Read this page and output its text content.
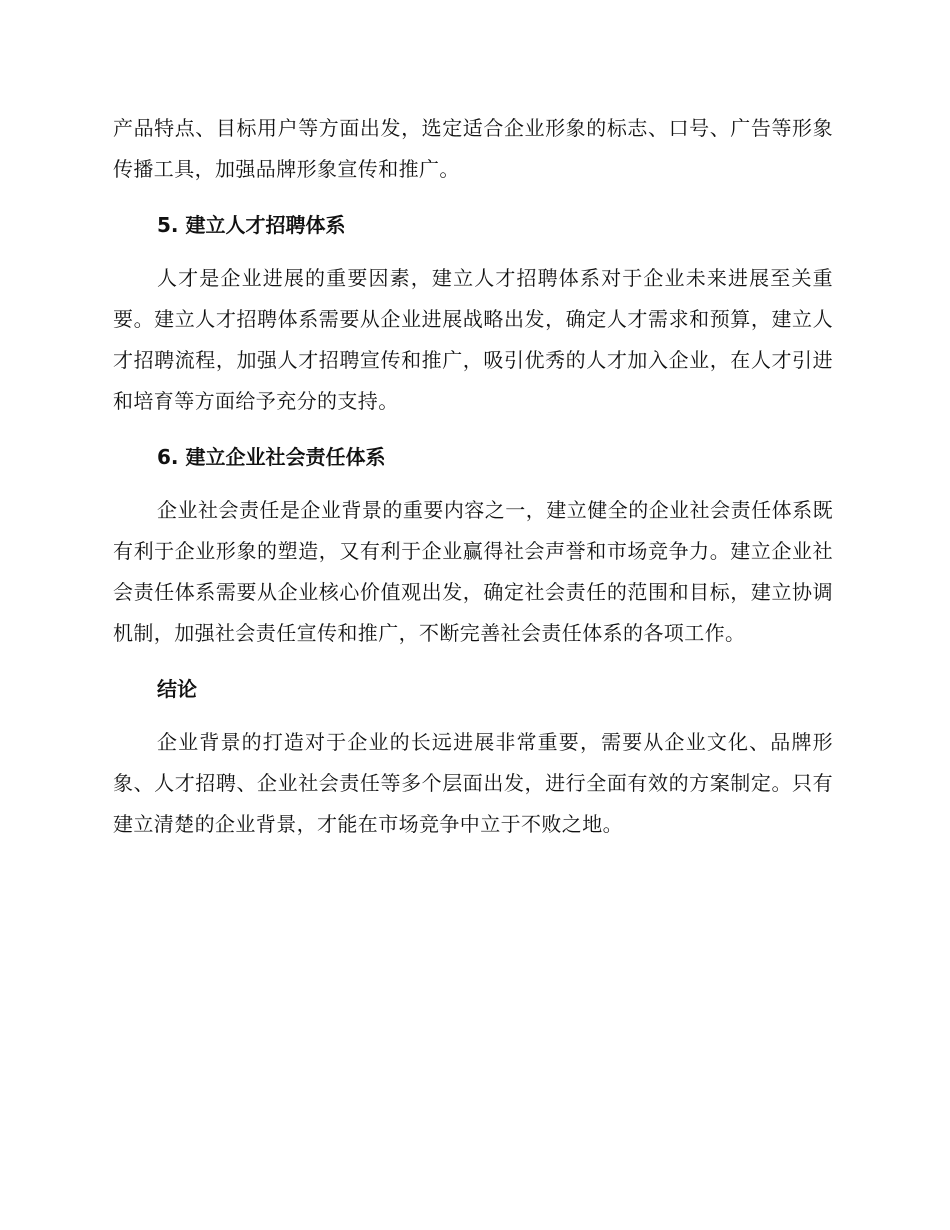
产品特点、目标用户等方面出发，选定适合企业形象的标志、口号、广告等形象传播工具，加强品牌形象宣传和推广。

5. 建立人才招聘体系

人才是企业进展的重要因素，建立人才招聘体系对于企业未来进展至关重要。建立人才招聘体系需要从企业进展战略出发，确定人才需求和预算，建立人才招聘流程，加强人才招聘宣传和推广，吸引优秀的人才加入企业，在人才引进和培育等方面给予充分的支持。

6. 建立企业社会责任体系

企业社会责任是企业背景的重要内容之一，建立健全的企业社会责任体系既有利于企业形象的塑造，又有利于企业赢得社会声誉和市场竞争力。建立企业社会责任体系需要从企业核心价值观出发，确定社会责任的范围和目标，建立协调机制，加强社会责任宣传和推广，不断完善社会责任体系的各项工作。

结论

企业背景的打造对于企业的长远进展非常重要，需要从企业文化、品牌形象、人才招聘、企业社会责任等多个层面出发，进行全面有效的方案制定。只有建立清楚的企业背景，才能在市场竞争中立于不败之地。
